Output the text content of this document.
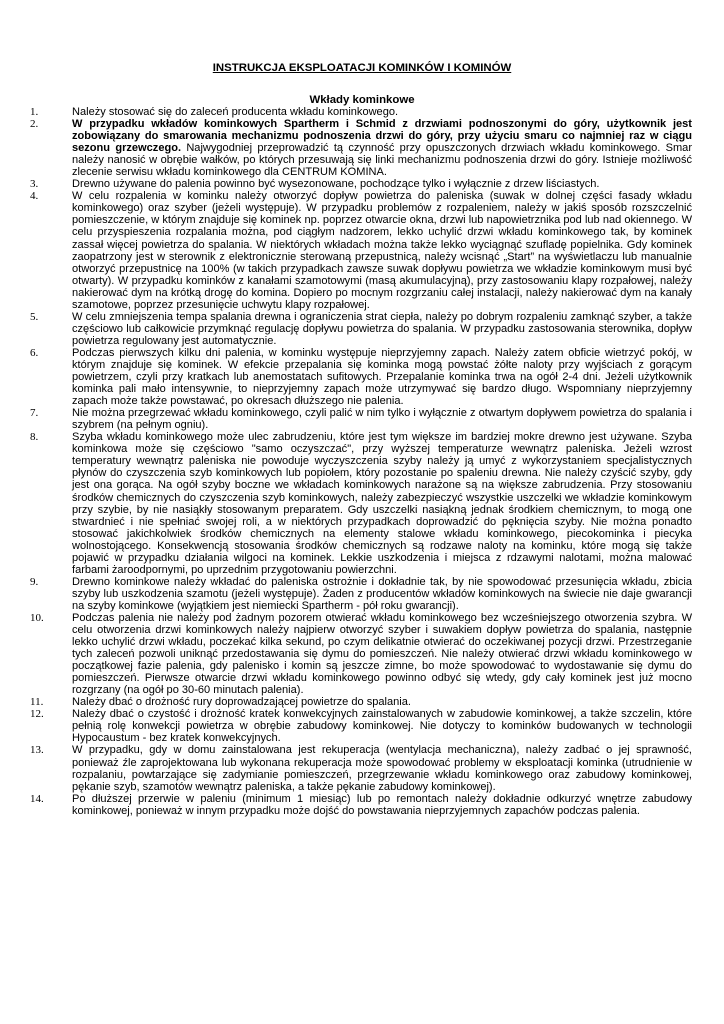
INSTRUKCJA EKSPLOATACJI KOMINKÓW I KOMINÓW
Wkłady kominkowe
1.	Należy stosować się do zaleceń producenta wkładu kominkowego.
2.	W przypadku wkładów kominkowych Spartherm i Schmid z drzwiami podnoszonymi do góry, użytkownik jest zobowiązany do smarowania mechanizmu podnoszenia drzwi do góry, przy użyciu smaru co najmniej raz w ciągu sezonu grzewczego. Najwygodniej przeprowadzić tą czynność przy opuszczonych drzwiach wkładu kominkowego. Smar należy nanosić w obrębie wałków, po których przesuwają się linki mechanizmu podnoszenia drzwi do góry. Istnieje możliwość zlecenie serwisu wkładu kominkowego dla CENTRUM KOMINA.
3.	Drewno używane do palenia powinno być wysezonowane, pochodzące tylko i wyłącznie z drzew liściastych.
4.	W celu rozpalenia w kominku należy otworzyć dopływ powietrza do paleniska (suwak w dolnej części fasady wkładu kominkowego) oraz szyber (jeżeli występuje). W przypadku problemów z rozpaleniem, należy w jakiś sposób rozszczelnić pomieszczenie, w którym znajduje się kominek np. poprzez otwarcie okna, drzwi lub napowietrznika pod lub nad okiennego. W celu przyspieszenia rozpalania można, pod ciągłym nadzorem, lekko uchylić drzwi wkładu kominkowego tak, by kominek zassał więcej powietrza do spalania. W niektórych wkładach można także lekko wyciągnąć szufladę popielnika. Gdy kominek zaopatrzony jest w sterownik z elektronicznie sterowaną przepustnicą, należy wcisnąć „Start” na wyświetlaczu lub manualnie otworzyć przepustnicę na 100% (w takich przypadkach zawsze suwak dopływu powietrza we wkładzie kominkowym musi być otwarty). W przypadku kominków z kanałami szamotowymi (masą akumulacyjną), przy zastosowaniu klapy rozpałowej, należy nakierować dym na krótką drogę do komina. Dopiero po mocnym rozgrzaniu całej instalacji, należy nakierować dym na kanały szamotowe, poprzez przesunięcie uchwytu klapy rozpałowej.
5.	W celu zmniejszenia tempa spalania drewna i ograniczenia strat ciepła, należy po dobrym rozpaleniu zamknąć szyber, a także częściowo lub całkowicie przymknąć regulację dopływu powietrza do spalania. W przypadku zastosowania sterownika, dopływ powietrza regulowany jest automatycznie.
6.	Podczas pierwszych kilku dni palenia, w kominku występuje nieprzyjemny zapach. Należy zatem obficie wietrzyć pokój, w którym znajduje się kominek. W efekcie przepalania się kominka mogą powstać żółte naloty przy wyjściach z gorącym powietrzem, czyli przy kratkach lub anemostatach sufitowych. Przepalanie kominka trwa na ogół 2-4 dni. Jeżeli użytkownik kominka pali mało intensywnie, to nieprzyjemny zapach może utrzymywać się bardzo długo. Wspomniany nieprzyjemny zapach może także powstawać, po okresach dłuższego nie palenia.
7.	Nie można przegrzewać wkładu kominkowego, czyli palić w nim tylko i wyłącznie z otwartym dopływem powietrza do spalania i szybrem (na pełnym ogniu).
8.	Szyba wkładu kominkowego może ulec zabrudzeniu, które jest tym większe im bardziej mokre drewno jest używane. Szyba kominkowa może się częściowo "samo oczyszczać", przy wyższej temperaturze wewnątrz paleniska. Jeżeli wzrost temperatury wewnątrz paleniska nie powoduje wyczyszczenia szyby należy ją umyć z wykorzystaniem specjalistycznych płynów do czyszczenia szyb kominkowych lub popiołem, który pozostanie po spaleniu drewna. Nie należy czyścić szyby, gdy jest ona gorąca. Na ogół szyby boczne we wkładach kominkowych narażone są na większe zabrudzenia. Przy stosowaniu środków chemicznych do czyszczenia szyb kominkowych, należy zabezpieczyć wszystkie uszczelki we wkładzie kominkowym przy szybie, by nie nasiąkły stosowanym preparatem. Gdy uszczelki nasiąkną jednak środkiem chemicznym, to mogą one stwardnieć i nie spełniać swojej roli, a w niektórych przypadkach doprowadzić do pęknięcia szyby. Nie można ponadto stosować jakichkolwiek środków chemicznych na elementy stalowe wkładu kominkowego, piecokominka i piecyka wolnostojącego. Konsekwencją stosowania środków chemicznych są rodzawe naloty na kominku, które mogą się także pojawić w przypadku działania wilgoci na kominek. Lekkie uszkodzenia i miejsca z rdzawymi nalotami, można malować farbami żaroodpornymi, po uprzednim przygotowaniu powierzchni.
9.	Drewno kominkowe należy wkładać do paleniska ostrożnie i dokładnie tak, by nie spowodować przesunięcia wkładu, zbicia szyby lub uszkodzenia szamotu (jeżeli występuje). Żaden z producentów wkładów kominkowych na świecie nie daje gwarancji na szyby kominkowe (wyjątkiem jest niemiecki Spartherm - pół roku gwarancji).
10.	Podczas palenia nie należy pod żadnym pozorem otwierać wkładu kominkowego bez wcześniejszego otworzenia szybra. W celu otworzenia drzwi kominkowych należy najpierw otworzyć szyber i suwakiem dopływ powietrza do spalania, następnie lekko uchylić drzwi wkładu, poczekać kilka sekund, po czym delikatnie otwierać do oczekiwanej pozycji drzwi. Przestrzeganie tych zaleceń pozwoli uniknąć przedostawania się dymu do pomieszczeń. Nie należy otwierać drzwi wkładu kominkowego w początkowej fazie palenia, gdy palenisko i komin są jeszcze zimne, bo może spowodować to wydostawanie się dymu do pomieszczeń. Pierwsze otwarcie drzwi wkładu kominkowego powinno odbyć się wtedy, gdy cały kominek jest już mocno rozgrzany (na ogół po 30-60 minutach palenia).
11.	Należy dbać o drożność rury doprowadzającej powietrze do spalania.
12.	Należy dbać o czystość i drożność kratek konwekcyjnych zainstalowanych w zabudowie kominkowej, a także szczelin, które pełnią rolę konwekcji powietrza w obrębie zabudowy kominkowej. Nie dotyczy to kominków budowanych w technologii Hypocaustum - bez kratek konwekcyjnych.
13.	W przypadku, gdy w domu zainstalowana jest rekuperacja (wentylacja mechaniczna), należy zadbać o jej sprawność, ponieważ źle zaprojektowana lub wykonana rekuperacja może spowodować problemy w eksploatacji kominka (utrudnienie w rozpalaniu, powtarzające się zadymianie pomieszczeń, przegrzewanie wkładu kominkowego oraz zabudowy kominkowej, pękanie szyb, szamotów wewnątrz paleniska, a także pękanie zabudowy kominkowej).
14.	Po dłuższej przerwie w paleniu (minimum 1 miesiąc) lub po remontach należy dokładnie odkurzyć wnętrze zabudowy kominkowej, ponieważ w innym przypadku może dojść do powstawania nieprzyjemnych zapachów podczas palenia.
